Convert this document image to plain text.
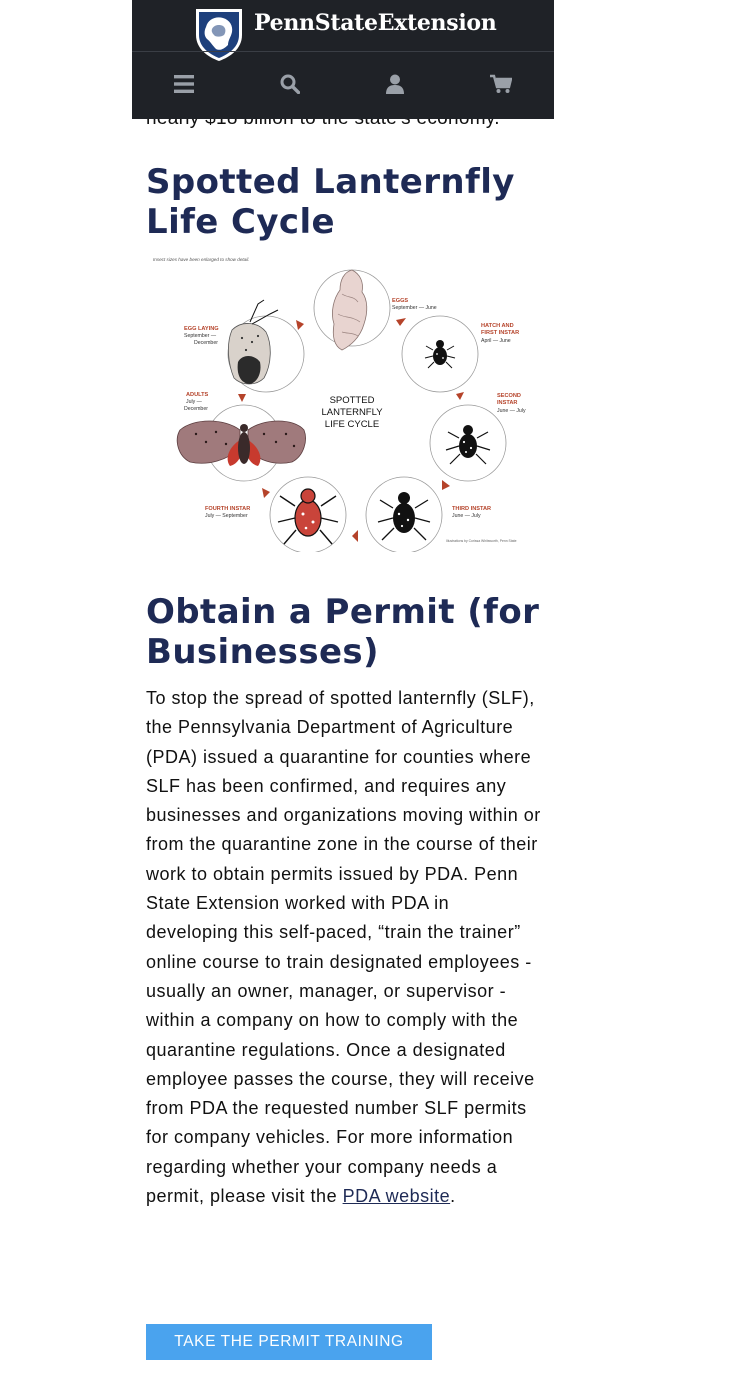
PennStateExtension
Spotted Lanternfly
Life Cycle
Insect sizes have been enlarged to show detail.
SPOTTED
LANTERNFLY
LIFE CYCLE
EGGS
HATCH AND
FIRST INSTAR
SECOND
INSTAR
THIRD INSTAR
FOURTH INSTAR
ADULTS
EGG LAYING
September — June
April — June
June — July
June — July
July — September
July —
December
September —
December
Illustrations by Corissa Whitsworth, Penn State
Obtain a Permit (for
Businesses)

To stop the spread of spotted lanternfly (SLF), the Pennsylvania Department of Agriculture (PDA) issued a quarantine for counties where SLF has been confirmed, and requires any businesses and organizations moving within or from the quarantine zone in the course of their work to obtain permits issued by PDA. Penn State Extension worked with PDA in developing this self-paced, “train the trainer” online course to train designated employees - usually an owner, manager, or supervisor - within a company on how to comply with the quarantine regulations. Once a designated employee passes the course, they will receive from PDA the requested number SLF permits for company vehicles. For more information regarding whether your company needs a permit, please visit the PDA website.

TAKE THE PERMIT TRAINING
